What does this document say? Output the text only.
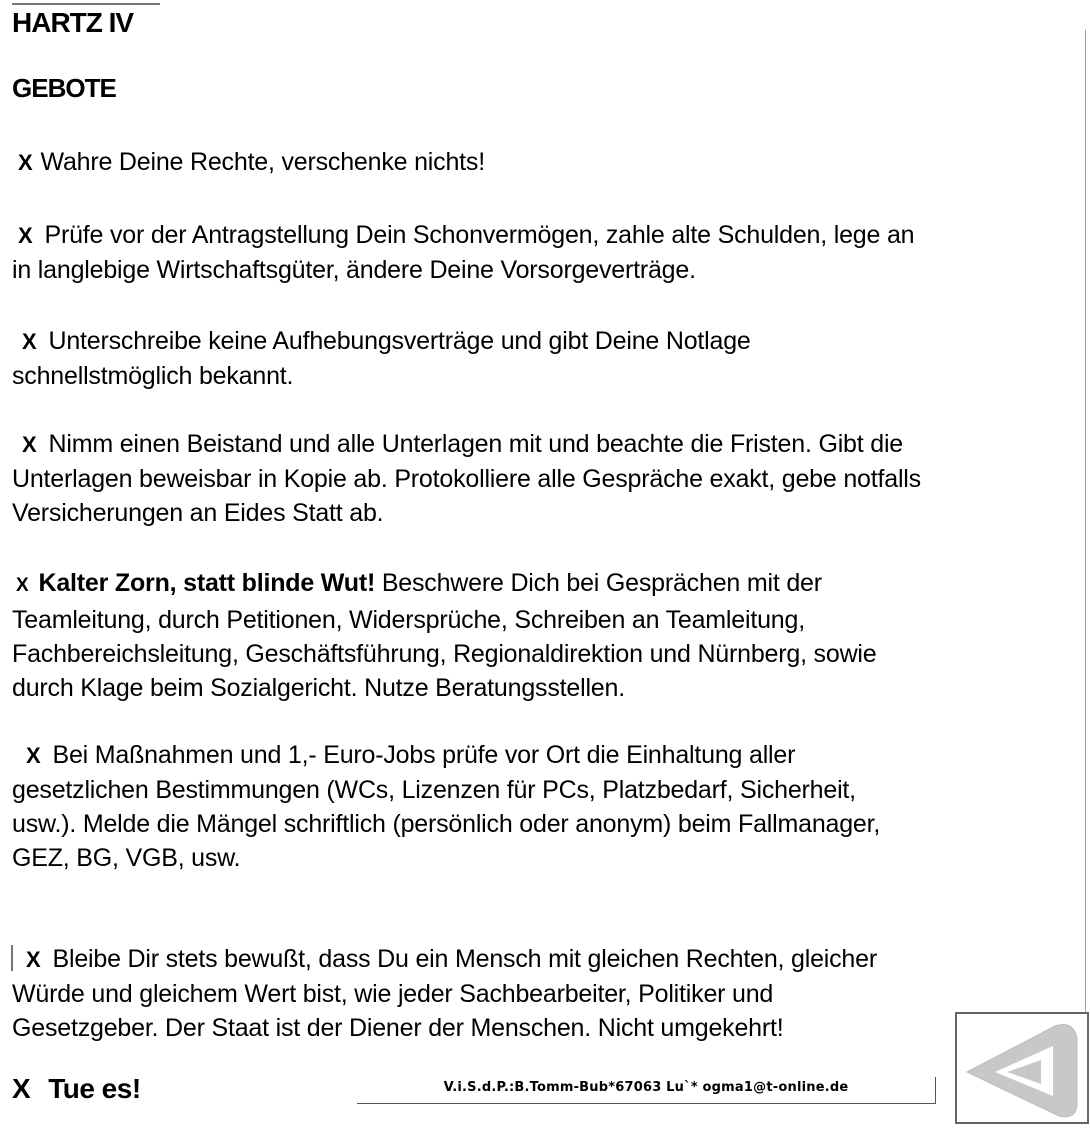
HARTZ IV
GEBOTE
X Wahre Deine Rechte, verschenke nichts!
X Prüfe vor der Antragstellung Dein Schonvermögen, zahle alte Schulden, lege an
in langlebige Wirtschaftsgüter, ändere Deine Vorsorgeverträge.
X Unterschreibe keine Aufhebungsverträge und gibt Deine Notlage
schnellstmöglich bekannt.
X Nimm einen Beistand und alle Unterlagen mit und beachte die Fristen. Gibt die
Unterlagen beweisbar in Kopie ab. Protokolliere alle Gespräche exakt, gebe notfalls
Versicherungen an Eides Statt ab.
X Kalter Zorn, statt blinde Wut! Beschwere Dich bei Gesprächen mit der
Teamleitung, durch Petitionen, Widersprüche, Schreiben an Teamleitung,
Fachbereichsleitung, Geschäftsführung, Regionaldirektion und Nürnberg, sowie
durch Klage beim Sozialgericht. Nutze Beratungsstellen.
X Bei Maßnahmen und 1,- Euro-Jobs prüfe vor Ort die Einhaltung aller
gesetzlichen Bestimmungen (WCs, Lizenzen für PCs, Platzbedarf, Sicherheit,
usw.). Melde die Mängel schriftlich (persönlich oder anonym) beim Fallmanager,
GEZ, BG, VGB, usw.
X Bleibe Dir stets bewußt, dass Du ein Mensch mit gleichen Rechten, gleicher
Würde und gleichem Wert bist, wie jeder Sachbearbeiter, Politiker und
Gesetzgeber. Der Staat ist der Diener der Menschen. Nicht umgekehrt!
X Tue es!	V.i.S.d.P.:B.Tomm-Bub*67063 Lu`* ogma1@t-online.de
